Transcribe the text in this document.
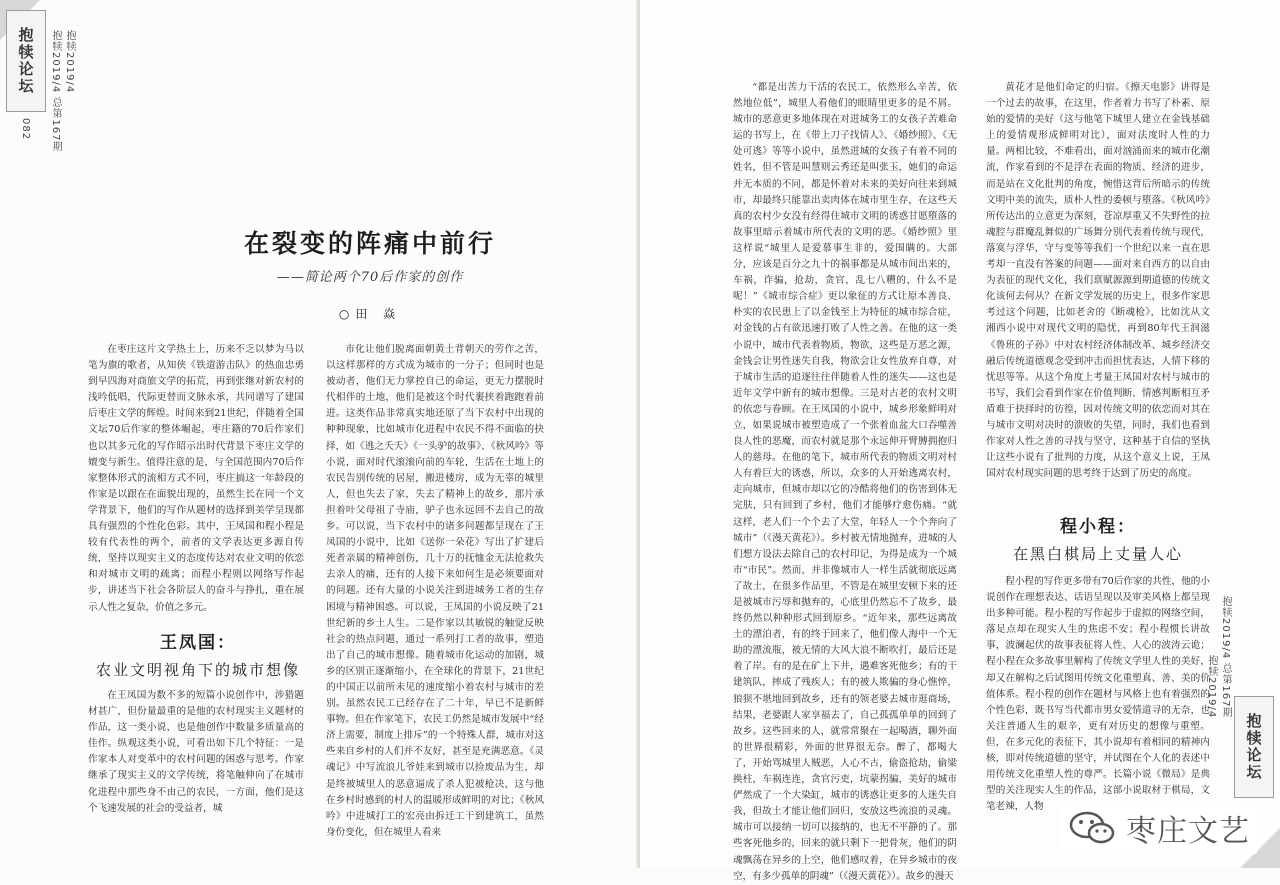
抱犊论坛 抱犊2019/4 总第167期
082
抱犊2019/4
在裂变的阵痛中前行
——简论两个70后作家的创作
○田 焱

在枣庄这片文学热土上，历来不乏以梦为马以笔为旗的歌者，从知侠《铁道游击队》的热血忠勇到早四海对商旅文学的拓荒，再到张继对新农村的浅吟低唱，代际更替而文脉永承，共同谱写了建国后枣庄文学的辉煌。时间来到21世纪，伴随着全国文坛70后作家的整体崛起，枣庄籍的70后作家们也以其多元化的写作昭示出时代背景下枣庄文学的嬗变与新生。值得注意的是，与全国范围内70后作家整体形式的流相方式不同，枣庄搞这一年龄段的作家是以跟在在面貌出现的，虽然生长在同一个文学背景下，他们的写作从题材的选择到美学呈现都具有强烈的个性化色彩。其中，王凤国和程小程是较有代表性的两个，前者的文学表达更多源自传统，坚持以现实主义的态度传达对农业文明的依恋和对城市文明的疏离；而程小程则以网络写作起步，讲述当下社会各阶层人的奋斗与挣扎，重在展示人性之复杂，价值之多元。

王凤国：
农业文明视角下的城市想像

在王凤国为数不多的短篇小说创作中，涉猎题材甚广，但份量最重的是他的农村现实主义题材的作品，这一类小说，也是他创作中数量多质量高的佳作。纵观这类小说，可看出如下几个特征：一是作家本人对变革中的农村问题的困惑与思考。作家继承了现实主义的文学传统，将笔触伸向了在城市化进程中那些身不由己的农民，一方面，他们是这个飞速发展的社会的受益者，城

市化让他们脱离面朝黄土背朝天的劳作之苦，以这样那样的方式成为城市的一分子；但同时也是被动者，他们无力掌控自己的命运，更无力摆脱时代相伴的土地，他们是被这个时代裹挟着跑跑着前进。这类作品非常真实地还原了当下农村中出现的种种现象，比如城市化进程中农民不得不面临的抉择，如《逃之夭夭》《一头驴的故事》、《秋风吟》等小说，面对时代滚滚向前的车轮，生活在土地上的农民告别传统的居屋，搬进楼房，成为无辜的城里人，但也失去了家，失去了精神上的故乡，那片承担着叶父母祖了寺庙，驴子也永远回不去自己的故乡。可以说，当下农村中的诸多问题都呈现在了王凤国的小说中，比如《送你一朵花》写出了扩建后死者亲属的精神创伤，几十万的抚恤金无法抢救失去亲人的痛，还有的人接下来如何生是必须要面对的问题。还有大量的小说关注到进城务工者的生存困境与精神困惑。可以说，王凤国的小说反映了21世纪新的乡土人生。二是作家以其敏锐的触觉反映社会的热点问题，通过一系列打工者的故事，塑造出了自己的城市想像。随着城市化运动的加剧，城乡的区别正逐渐缩小，在全球化的背景下，21世纪的中国正以前所未见的速度缩小着农村与城市的差别。虽然农民工已经存在了二十年，早已不是新鲜事物。但在作家笔下，农民工仍然是城市发展中“经济上需要，制度上排斥”的一个特殊人群，城市对这些来自乡村的人们并不友好，甚至是充满恶意。《灵魂记》中写流浪儿爷娃来到城市以捡废品为生，却是终被城里人的恶意逼成了杀人犯被枪决，这与他在乡村时感到的村人的温暖形成鲜明的对比；《秋风吟》中进城打工的宏亮由拆迁工干到建筑工，虽然身份变化，但在城里人看来

“都是出苦力干活的农民工，依然形么辛苦，依然地位低”，城里人看他们的眼睛里更多的是不屑。城市的恶意更多地体现在对进城务工的女孩子苦难命运的书写上，在《带上刀子找情人》、《婚纱照》、《无处可逃》等等小说中，虽然进城的女孩子有着不同的姓名，但不管是叫慧则云秀还是叫张玉，她们的命运并无本质的不同，都是怀着对未来的美好向往来到城市，却最终只能靠出卖肉体在城市里生存，在这些天真的农村少女没有经得住城市文明的诱惑甘愿堕落的故事里暗示着城市所代表的文明的恶。《婚纱照》里这样说“城里人是爱慕事生非的，爱围瞒的。大部分，应该是百分之九十的祸事都是从城市间出来的，车祸，诈骗，抢劫，贪官，乱七八糟的，什么不是呢！”《城市综合症》更以象征的方式让原本善良、朴实的农民患上了以金钱至上为特征的城市综合症，对金钱的占有欲迅速打败了人性之善。在他的这一类小说中，城市代表着物质，物欲，这些是万恶之源，金钱会让男性迷失自我，物欲会让女性放弃自尊，对于城市生活的追逐往往伴随着人性的迷失——这也是近年文学中新有的城市想像。三是对古老的农村文明的依恋与眷顾。在王凤国的小说中，城乡形象鲜明对立，如果说城市被塑造成了一个张着血盆大口吞噬善良人性的恶魔，而农村就是那个永远伸开臂膊拥抱归人的慈母。在他的笔下，城市所代表的物质文明对村人有着巨大的诱惑，所以，众多的人开始逃离农村，走向城市，但城市却以它的冷酷将他们的伤害到体无完肤，只有回到了乡村，他们才能够疗愈伤痛。“就这样，老人们一个个去了大堂，年轻人一个个奔向了城市”（《漫天黄花》）。乡村被无情地抛弃，进城的人们想方设法去除自己的农村印记，为得是成为一个城市“市民”。然而，并非像城市人一样生活就彻底远离了故土，在很多作品里，不管是在城里安顿下来的还是被城市污辱和抛弃的，心底里仍然忘不了故乡，最终仍然以种种形式回到原乡。“近年来，那些远离故土的漂泊者，有的终于回来了，他们像人海中一个无助的漂流瓶，被无情的大风大浪不断吹打，最后还是着了岸。有的是在矿上下井，遇难客死他乡；有的干建筑队，摔成了残疾人；有的被人欺骗的身心憔悴，狼狈不堪地回到故乡，还有的领老婆去城市逛商场，结果，老婆跟人家享福去了，自己孤孤单单的回到了故乡。这些回来的人，就常常聚在一起喝酒，聊外面的世界很精彩，外面的世界很无奈。醉了，都喝大了，开始骂城里人贼恶，人心不古，偷盗抢劫，偷梁换柱，车祸连连，贪官污吏，坑蒙拐骗，美好的城市俨然成了一个大染缸，城市的诱惑让更多的人迷失自我，但故土才能让他们回归，安放这些流浪的灵魂。城市可以接纳一切可以接纳的，也无不平静的了。那些客死他乡的，回来的就只剩下一把骨灰，他们的阴魂飘荡在异乡的上空，他们感叹着，在异乡城市的夜空，有多少孤单的阴魂”（《漫天黄花》）。故乡的漫天

黄花才是他们命定的归宿。《擦天电影》讲得是一个过去的故事，在这里，作者着力书写了朴素、原始的爱情的美好（这与他笔下城里人建立在金钱基础上的爱情观形成鲜明对比），面对法度时人性的力量。两相比较，不难看出，面对汹涌而来的城市化潮流，作家看到的不是浮在表面的物质、经济的进步，而是站在文化批判的角度，惋惜这背后所暗示的传统文明中美的流失，质朴人性的委顿与堕落。《秋风吟》所传达出的立意更为深刻，苍凉厚重又不失野性的拉魂腔与群魔乱舞似的广场舞分别代表着传统与现代，落寞与浮华，守与变等等我们一个世纪以来一直在思考却一直没有答案的问题——面对来自西方的以自由为表征的现代文化，我们禀赋源源到期道德的传统文化该何去何从？在新文学发展的历史上，很多作家思考过这个问题，比如老舍的《断魂枪》，比如沈从文湘西小说中对现代文明的隐忧，再到80年代王润滋《鲁班的子孙》中对农村经济体制改革、城乡经济交融后传统道德观念受到冲击而担忧表达，人情下移的忧思等等。从这个角度上考量王凤国对农村与城市的书写，我们会看到作家在价值判断、情感判断相互矛盾难于抉择时的彷徨，因对传统文明的依恋而对其在与城市文明对决时的溃败的失望，同时，我们也看到作家对人性之善的寻找与坚守，这种基于自信的坚执让这些小说有了批判的力度，从这个意义上说，王凤国对农村现实问题的思考终于达到了历史的高度。

程小程：
在黑白棋局上丈量人心

程小程的写作更多带有70后作家的共性，他的小说创作在理想表达、话语呈现以及审美风格上都呈现出多种可能。程小程的写作起步于虚拟的网络空间，落足点却在现实人生的焦虑不安；程小程惯长讲故事，波澜起伏的故事表征将人性、人心的波涛云诡；程小程在众多故事里解构了传统文学里人性的美好，却又在解构之后试图用传统文化重塑真、善、美的价值体系。程小程的创作在题材与风格上也有着强烈的个性色彩，既书写当代都市男女爱情道寻的无奈，也关注普通人生的艰辛，更有对历史的想像与重塑。但，在多元化的表征下，其小说却有着相同的精神内核，即对传统道德的坚守，并试图在个人化的表述中用传统文化重塑人性的尊严。长篇小说《微局》是典型的关注现实人生的作品，这部小说取材于棋局，文笔老辣，人物

抱犊2019/4 总第167期
抱犊2019/4
抱犊论坛
枣庄文艺
